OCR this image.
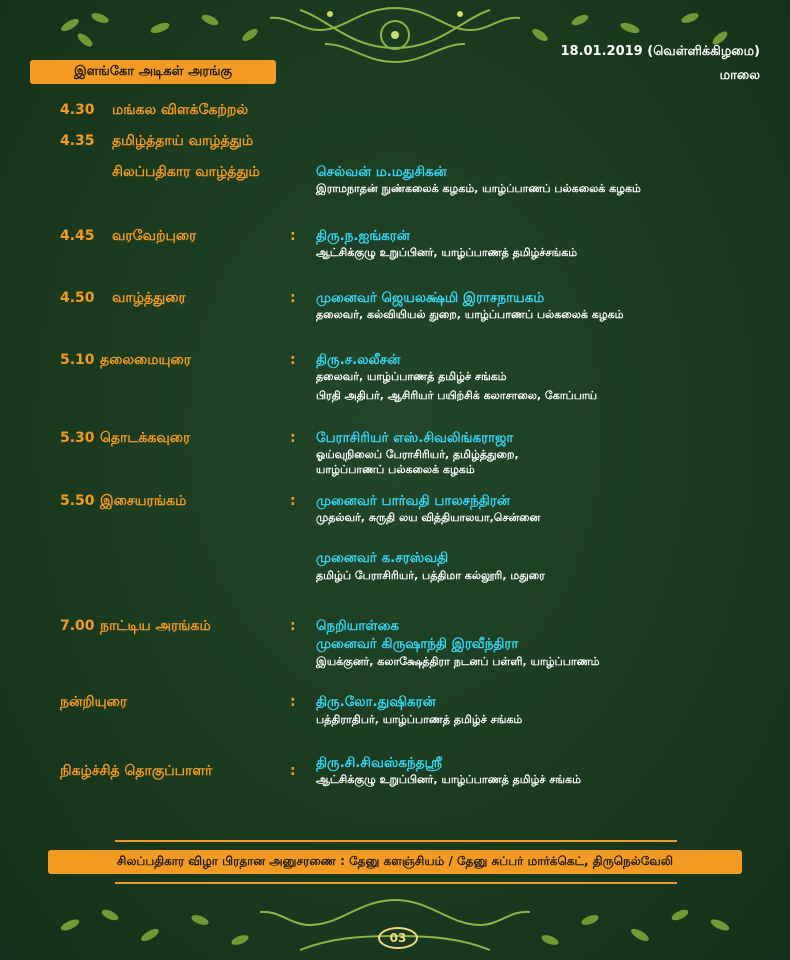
18.01.2019 (வெள்ளிக்கிழமை)
மாலை
இளங்கோ அடிகள் அரங்கு
4.30 மங்கல விளக்கேற்றல்
4.35 தமிழ்த்தாய் வாழ்த்தும்
சிலப்பதிகார வாழ்த்தும்	செல்வன் ம.மதுசிகன்
இராமநாதன் நுண்கலைக் கழகம், யாழ்ப்பாணப் பல்கலைக் கழகம்
4.45 வரவேற்புரை	: திரு.ந.ஐங்கரன்
ஆட்சிக்குழு உறுப்பினர், யாழ்ப்பாணத் தமிழ்ச்சங்கம்
4.50 வாழ்த்துரை	: முனைவர் ஜெயலக்ஷ்மி இராசநாயகம்
தலைவர், கல்வியியல் துறை, யாழ்ப்பாணப் பல்கலைக் கழகம்
5.10 தலைமையுரை	: திரு.ச.லலீசன்
தலைவர், யாழ்ப்பாணத் தமிழ்ச் சங்கம்
பிரதி அதிபர், ஆசிரியர் பயிற்சிக் கலாசாலை, கோப்பாய்
5.30 தொடக்கவுரை	: பேராசிரியர் எஸ்.சிவலிங்கராஜா
ஓய்வுநிலைப் பேராசிரியர், தமிழ்த்துறை,
யாழ்ப்பாணப் பல்கலைக் கழகம்
5.50 இசையரங்கம்	: முனைவர் பார்வதி பாலசந்திரன்
முதல்வர், சுருதி லய வித்தியாலயா,சென்னை
முனைவர் க.சரஸ்வதி
தமிழ்ப் பேராசிரியர், பத்திமா கல்லூரி, மதுரை
7.00 நாட்டிய அரங்கம்	: நெறியாள்கை
முனைவர் கிருஷாந்தி இரவீந்திரா
இயக்குனர், கலாக்ஷேத்திரா நடனப் பள்ளி, யாழ்ப்பாணம்
நன்றியுரை	: திரு.லோ.துஷிகரன்
பத்திராதிபர், யாழ்ப்பாணத் தமிழ்ச் சங்கம்
நிகழ்ச்சித் தொகுப்பாளர்	: திரு.சி.சிவஸ்கந்தஸ்ரீ
ஆட்சிக்குழு உறுப்பினர், யாழ்ப்பாணத் தமிழ்ச் சங்கம்
சிலப்பதிகார விழா பிரதான அனுசரணை : தேனு களஞ்சியம் / தேனு சுப்பர் மார்க்கெட், திருநெல்வேலி
03
